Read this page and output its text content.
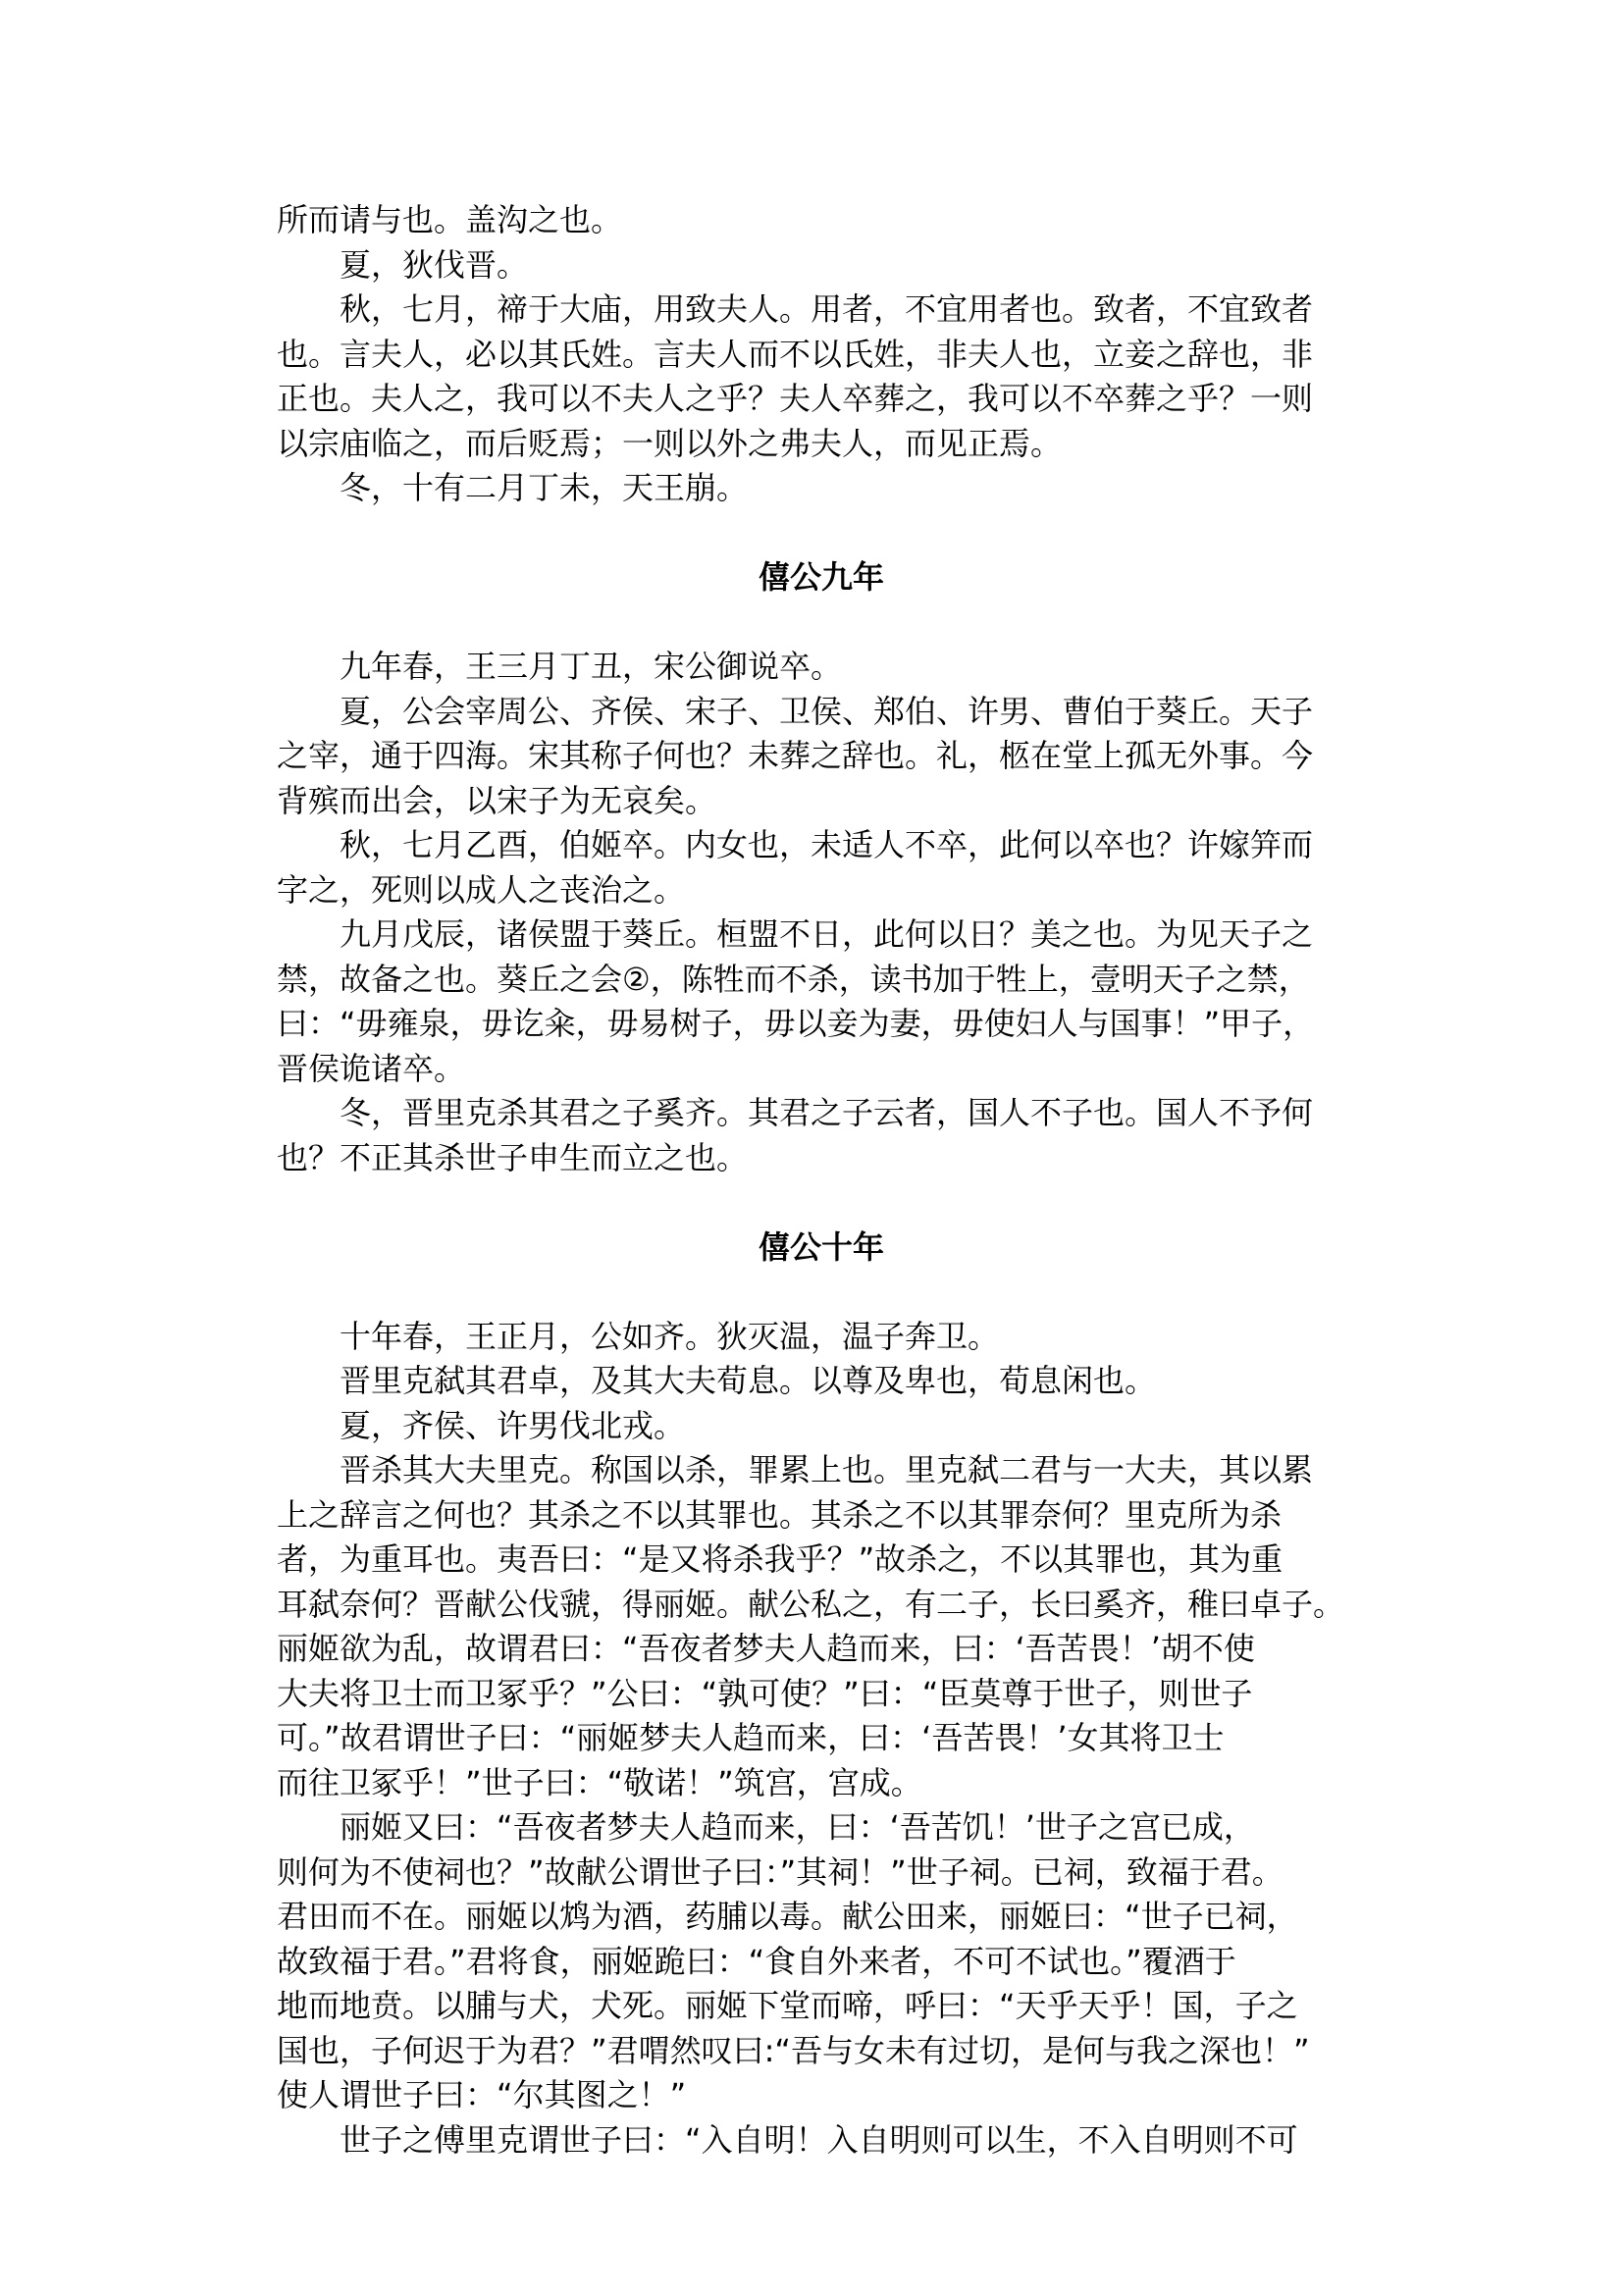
所而请与也。盖沟之也。

夏，狄伐晋。

秋，七月，禘于大庙，用致夫人。用者，不宜用者也。致者，不宜致者

也。言夫人，必以其氏姓。言夫人而不以氏姓，非夫人也，立妾之辞也，非

正也。夫人之，我可以不夫人之乎？夫人卒葬之，我可以不卒葬之乎？一则

以宗庙临之，而后贬焉；一则以外之弗夫人，而见正焉。

冬，十有二月丁未，天王崩。

僖公九年

九年春，王三月丁丑，宋公御说卒。

夏，公会宰周公、齐侯、宋子、卫侯、郑伯、许男、曹伯于葵丘。天子

之宰，通于四海。宋其称子何也？未葬之辞也。礼，柩在堂上孤无外事。今

背殡而出会，以宋子为无哀矣。

秋，七月乙酉，伯姬卒。内女也，未适人不卒，此何以卒也？许嫁笄而

字之，死则以成人之丧治之。

九月戊辰，诸侯盟于葵丘。桓盟不日，此何以日？美之也。为见天子之

禁，故备之也。葵丘之会②，陈牲而不杀，读书加于牲上，壹明天子之禁，

曰：“毋雍泉，毋讫籴，毋易树子，毋以妾为妻，毋使妇人与国事！”甲子，

晋侯诡诸卒。

冬，晋里克杀其君之子奚齐。其君之子云者，国人不子也。国人不予何

也？不正其杀世子申生而立之也。

僖公十年

十年春，王正月，公如齐。狄灭温，温子奔卫。

晋里克弑其君卓，及其大夫荀息。以尊及卑也，荀息闲也。

夏，齐侯、许男伐北戎。

晋杀其大夫里克。称国以杀，罪累上也。里克弑二君与一大夫，其以累

上之辞言之何也？其杀之不以其罪也。其杀之不以其罪奈何？里克所为杀

者，为重耳也。夷吾曰：“是又将杀我乎？”故杀之，不以其罪也，其为重

耳弑奈何？晋献公伐虢，得丽姬。献公私之，有二子，长曰奚齐，稚曰卓子。

丽姬欲为乱，故谓君曰：“吾夜者梦夫人趋而来，曰：‘吾苦畏！’胡不使

大夫将卫士而卫冢乎？”公曰：“孰可使？”曰：“臣莫尊于世子，则世子

可。”故君谓世子曰：“丽姬梦夫人趋而来，曰：‘吾苦畏！’女其将卫士

而往卫冢乎！”世子曰：“敬诺！”筑宫，宫成。

丽姬又曰：“吾夜者梦夫人趋而来，曰：‘吾苦饥！’世子之宫已成，

则何为不使祠也？”故献公谓世子曰：”其祠！”世子祠。已祠，致福于君。

君田而不在。丽姬以鸩为酒，药脯以毒。献公田来，丽姬曰：“世子已祠，

故致福于君。”君将食，丽姬跪曰：“食自外来者，不可不试也。”覆酒于

地而地贲。以脯与犬，犬死。丽姬下堂而啼，呼曰：“天乎天乎！国，子之

国也，子何迟于为君？”君喟然叹曰:“吾与女未有过切，是何与我之深也！”

使人谓世子曰：“尔其图之！”

世子之傅里克谓世子曰：“入自明！入自明则可以生，不入自明则不可
